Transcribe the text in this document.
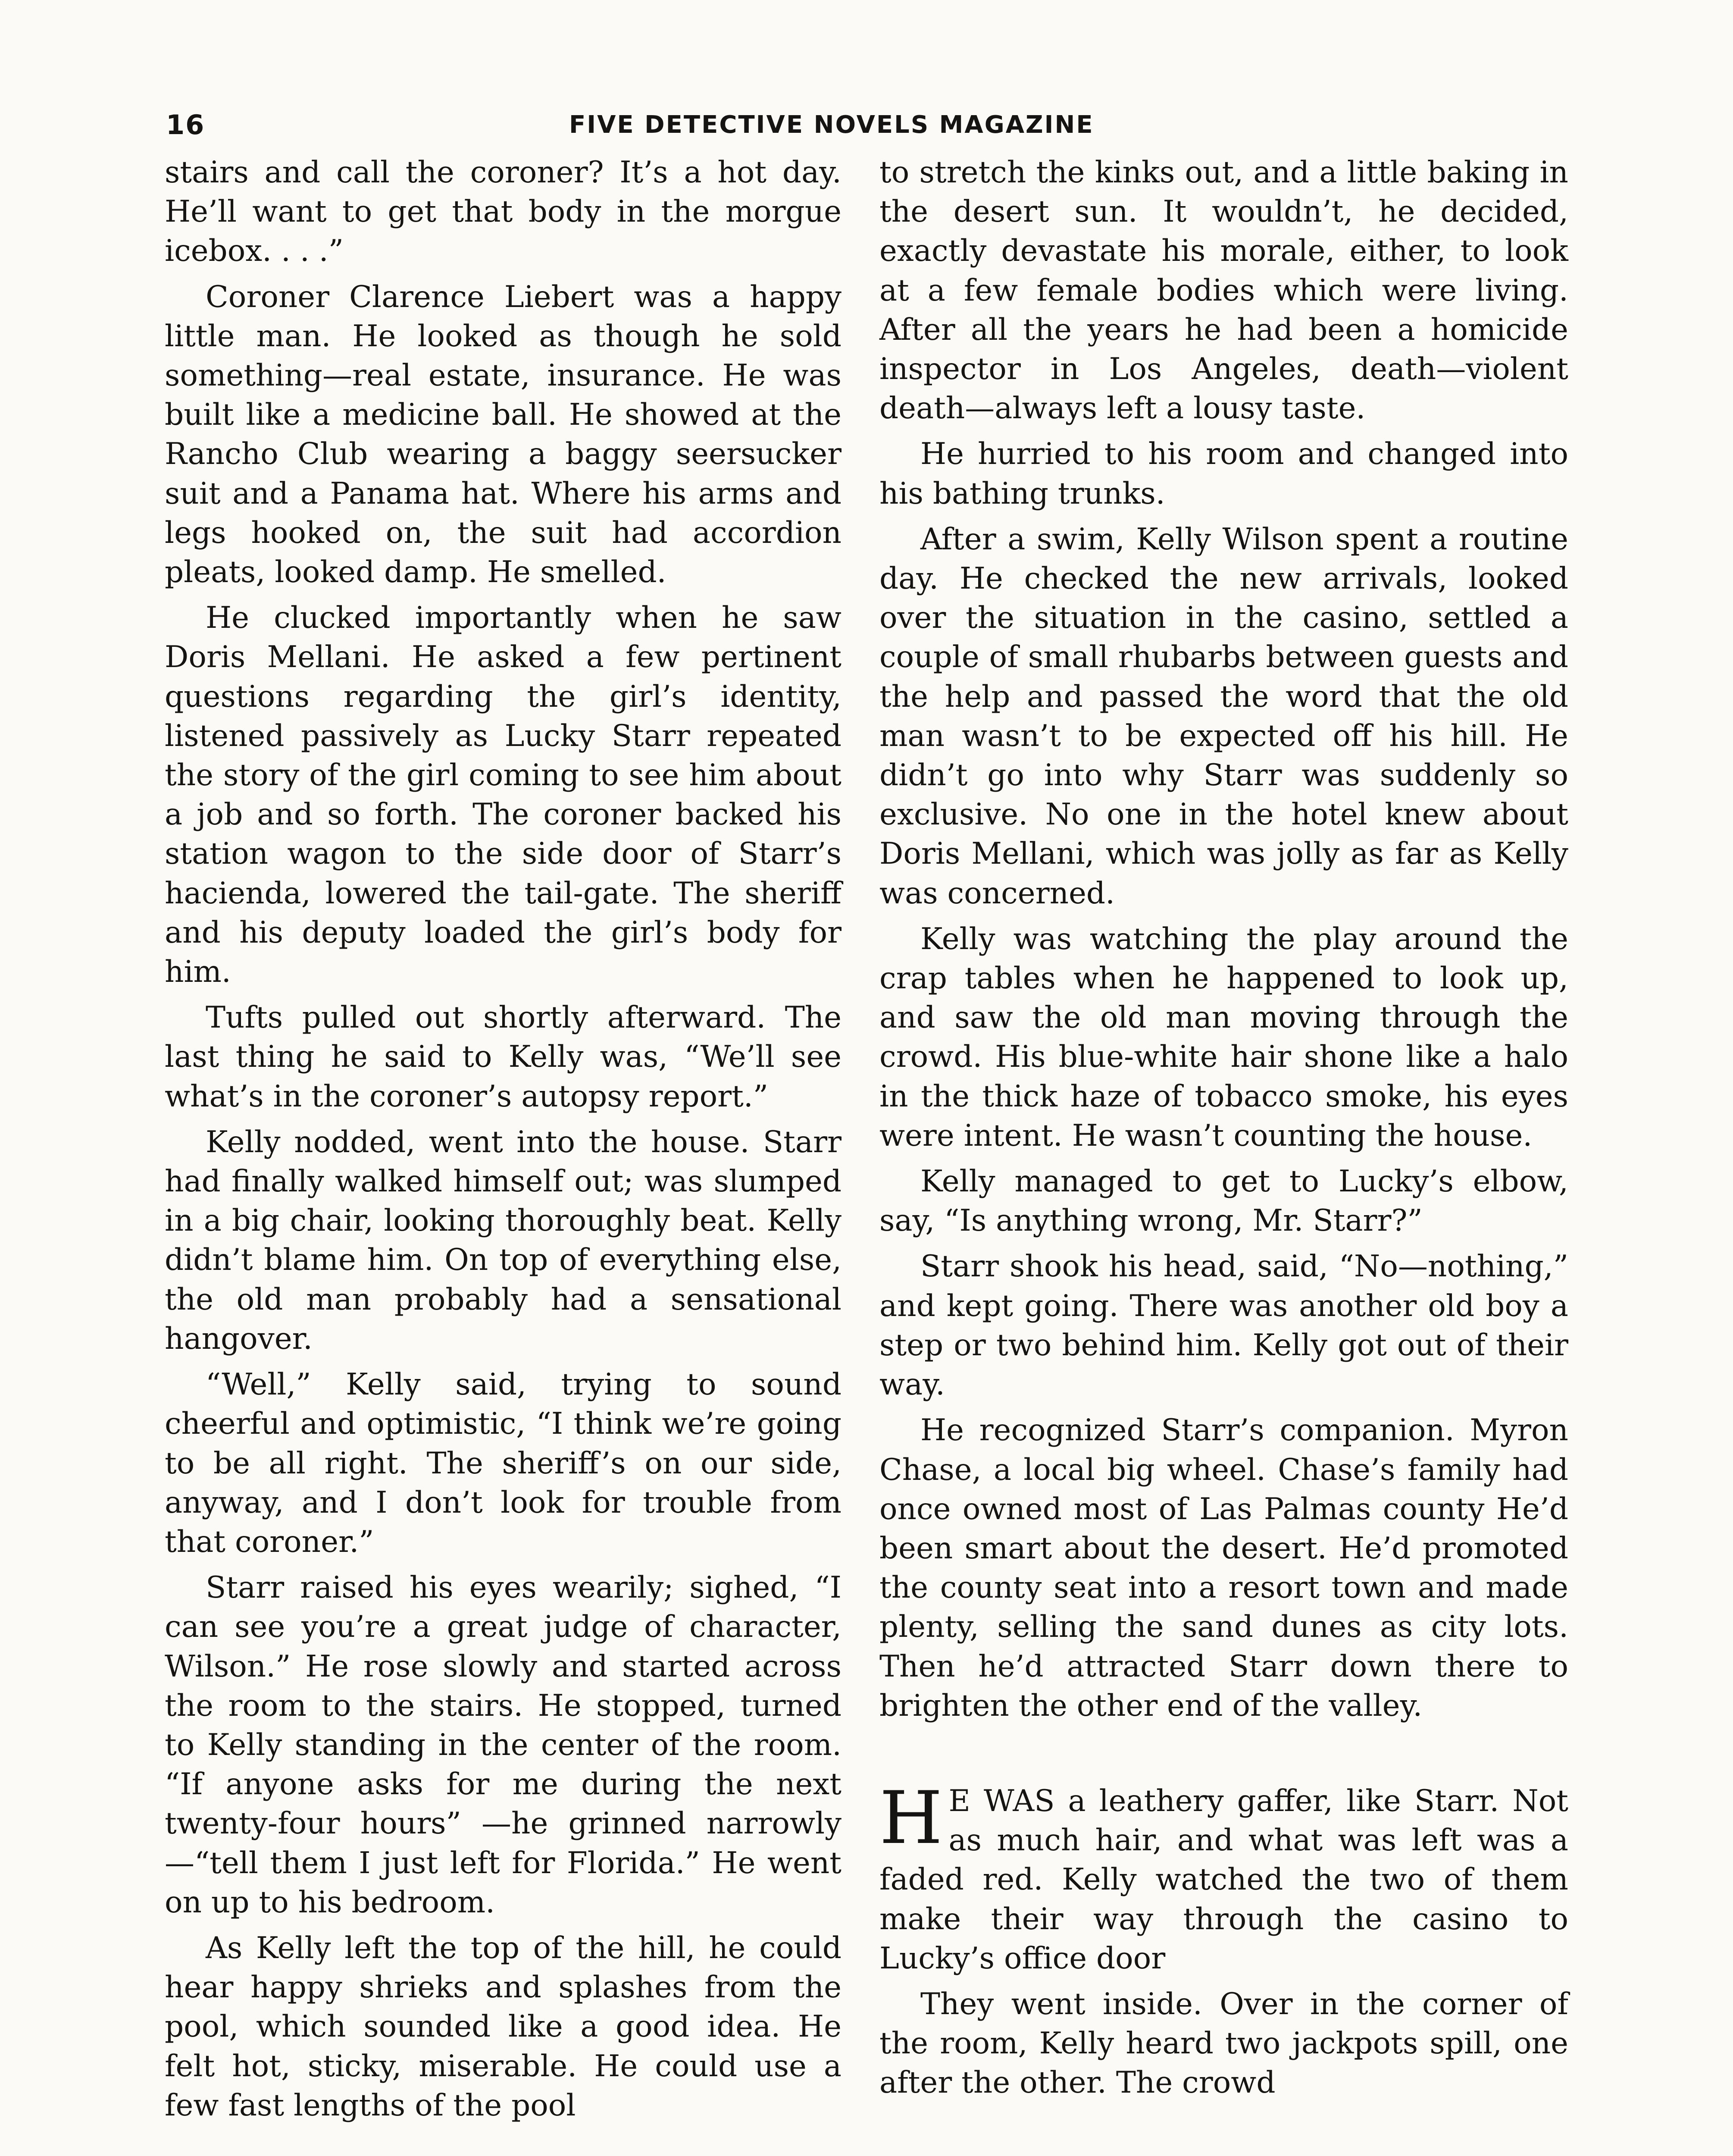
16	FIVE DETECTIVE NOVELS MAGAZINE

stairs and call the coroner? It’s a hot day. He’ll want to get that body in the morgue icebox. . . .”

Coroner Clarence Liebert was a happy little man. He looked as though he sold something—real estate, insurance. He was built like a medicine ball. He showed at the Rancho Club wearing a baggy seersucker suit and a Panama hat. Where his arms and legs hooked on, the suit had accordion pleats, looked damp. He smelled.

He clucked importantly when he saw Doris Mellani. He asked a few pertinent questions regarding the girl’s identity, listened passively as Lucky Starr repeated the story of the girl coming to see him about a job and so forth. The coroner backed his station wagon to the side door of Starr’s hacienda, lowered the tail-gate. The sheriff and his deputy loaded the girl’s body for him.

Tufts pulled out shortly afterward. The last thing he said to Kelly was, “We’ll see what’s in the coroner’s autopsy report.”

Kelly nodded, went into the house. Starr had finally walked himself out; was slumped in a big chair, looking thoroughly beat. Kelly didn’t blame him. On top of everything else, the old man probably had a sensational hangover.

“Well,” Kelly said, trying to sound cheerful and optimistic, “I think we’re going to be all right. The sheriff’s on our side, anyway, and I don’t look for trouble from that coroner.”

Starr raised his eyes wearily; sighed, “I can see you’re a great judge of character, Wilson.” He rose slowly and started across the room to the stairs. He stopped, turned to Kelly standing in the center of the room. “If anyone asks for me during the next twenty-four hours” —he grinned narrowly—“tell them I just left for Florida.” He went on up to his bedroom.

As Kelly left the top of the hill, he could hear happy shrieks and splashes from the pool, which sounded like a good idea. He felt hot, sticky, miserable. He could use a few fast lengths of the pool

to stretch the kinks out, and a little baking in the desert sun. It wouldn’t, he decided, exactly devastate his morale, either, to look at a few female bodies which were living. After all the years he had been a homicide inspector in Los Angeles, death—violent death—always left a lousy taste.

He hurried to his room and changed into his bathing trunks.

After a swim, Kelly Wilson spent a routine day. He checked the new arrivals, looked over the situation in the casino, settled a couple of small rhubarbs between guests and the help and passed the word that the old man wasn’t to be expected off his hill. He didn’t go into why Starr was suddenly so exclusive. No one in the hotel knew about Doris Mellani, which was jolly as far as Kelly was concerned.

Kelly was watching the play around the crap tables when he happened to look up, and saw the old man moving through the crowd. His blue-white hair shone like a halo in the thick haze of tobacco smoke, his eyes were intent. He wasn’t counting the house.

Kelly managed to get to Lucky’s elbow, say, “Is anything wrong, Mr. Starr?”

Starr shook his head, said, “No—nothing,” and kept going. There was another old boy a step or two behind him. Kelly got out of their way.

He recognized Starr’s companion. Myron Chase, a local big wheel. Chase’s family had once owned most of Las Palmas county He’d been smart about the desert. He’d promoted the county seat into a resort town and made plenty, selling the sand dunes as city lots. Then he’d attracted Starr down there to brighten the other end of the valley.

H E WAS a leathery gaffer, like Starr. Not as much hair, and what was left was a faded red. Kelly watched the two of them make their way through the casino to Lucky’s office door

They went inside. Over in the corner of the room, Kelly heard two jackpots spill, one after the other. The crowd
